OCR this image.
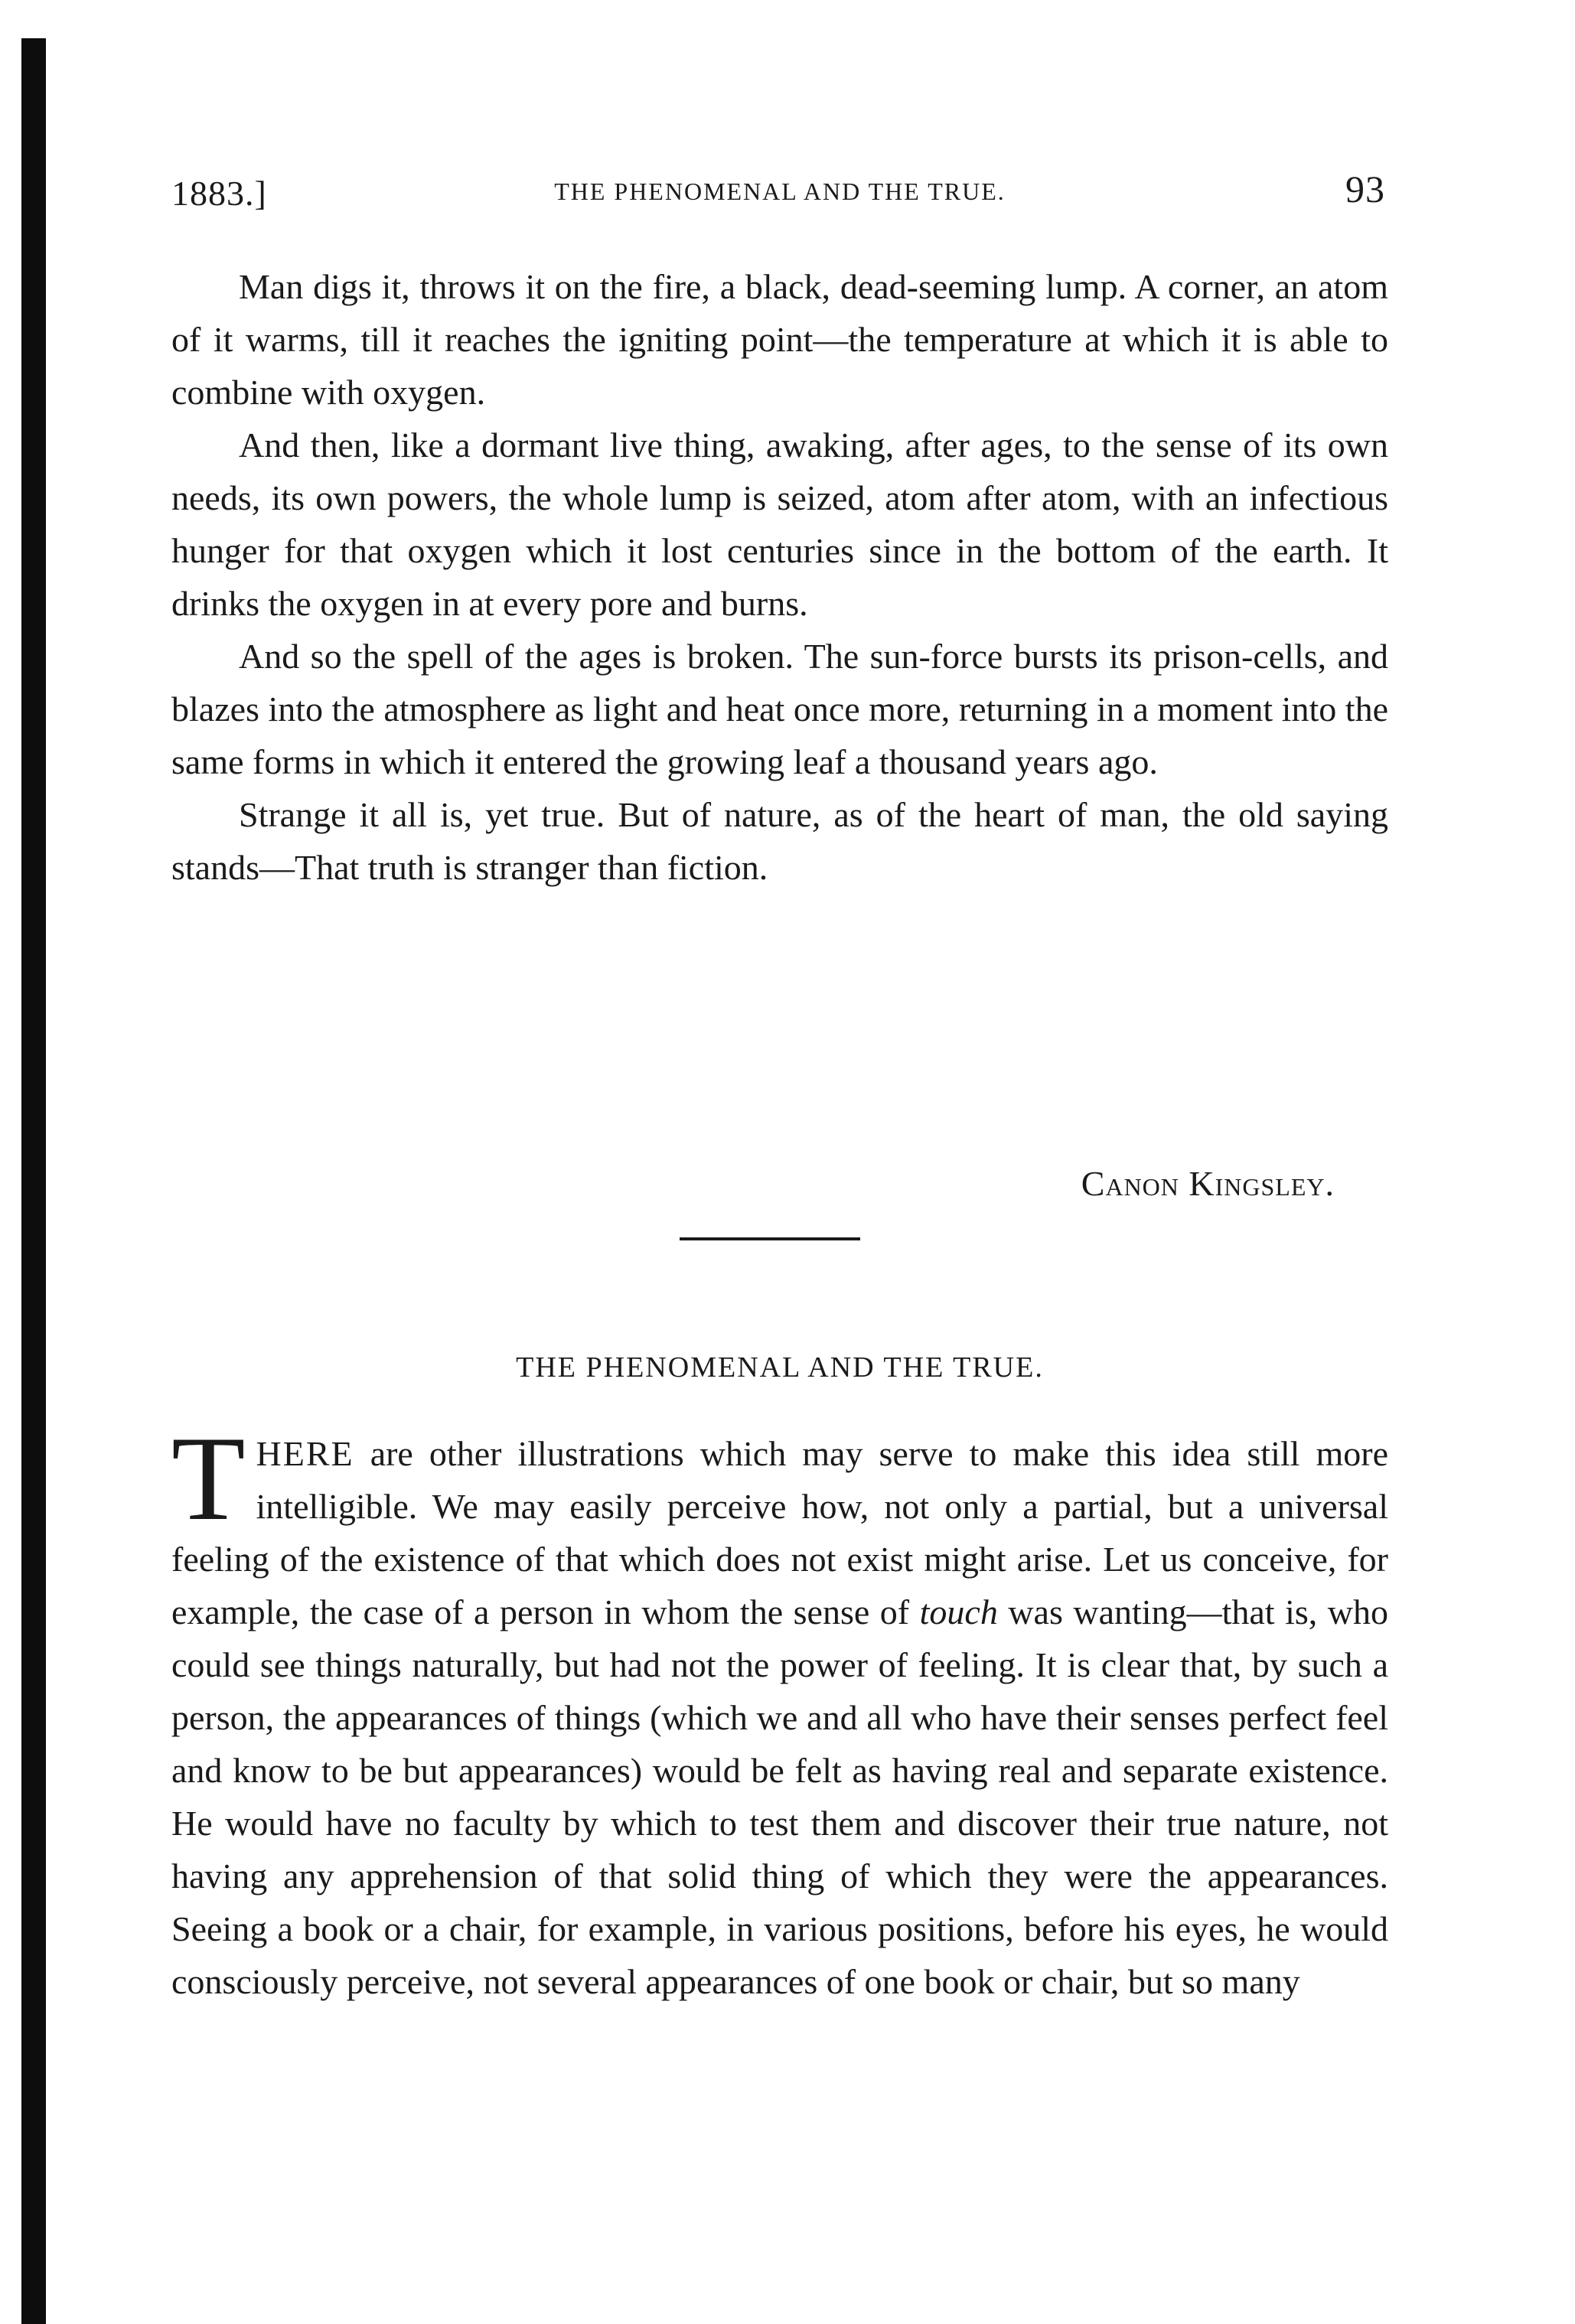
1883.]	THE PHENOMENAL AND THE TRUE.	93

Man digs it, throws it on the fire, a black, dead-seeming lump. A corner, an atom of it warms, till it reaches the igniting point—the temperature at which it is able to combine with oxygen.

And then, like a dormant live thing, awaking, after ages, to the sense of its own needs, its own powers, the whole lump is seized, atom after atom, with an infectious hunger for that oxygen which it lost centuries since in the bottom of the earth. It drinks the oxygen in at every pore and burns.

And so the spell of the ages is broken. The sun-force bursts its prison-cells, and blazes into the atmosphere as light and heat once more, returning in a moment into the same forms in which it entered the growing leaf a thousand years ago.

Strange it all is, yet true. But of nature, as of the heart of man, the old saying stands—That truth is stranger than fiction.

Canon Kingsley.
THE PHENOMENAL AND THE TRUE.

THERE are other illustrations which may serve to make this idea still more intelligible. We may easily perceive how, not only a partial, but a universal feeling of the existence of that which does not exist might arise. Let us conceive, for example, the case of a person in whom the sense of touch was wanting—that is, who could see things naturally, but had not the power of feeling. It is clear that, by such a person, the appearances of things (which we and all who have their senses perfect feel and know to be but appearances) would be felt as having real and separate existence. He would have no faculty by which to test them and discover their true nature, not having any apprehension of that solid thing of which they were the appearances. Seeing a book or a chair, for example, in various positions, before his eyes, he would consciously perceive, not several appearances of one book or chair, but so many
